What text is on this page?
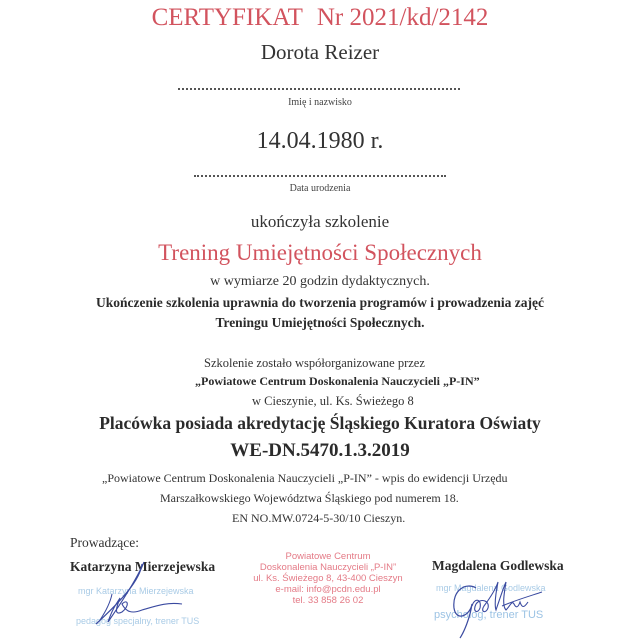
CERTYFIKAT Nr 2021/kd/2142
Dorota Reizer
Imię i nazwisko
14.04.1980 r.
Data urodzenia
ukończyła szkolenie
Trening Umiejętności Społecznych
w wymiarze 20 godzin dydaktycznych.
Ukończenie szkolenia uprawnia do tworzenia programów i prowadzenia zajęć
Treningu Umiejętności Społecznych.
Szkolenie zostało współorganizowane przez
„Powiatowe Centrum Doskonalenia Nauczycieli „P-IN”
w Cieszynie, ul. Ks. Świeżego 8
Placówka posiada akredytację Śląskiego Kuratora Oświaty
WE-DN.5470.1.3.2019
„Powiatowe Centrum Doskonalenia Nauczycieli „P-IN” - wpis do ewidencji Urzędu
Marszałkowskiego Województwa Śląskiego pod numerem 18.
EN NO.MW.0724-5-30/10 Cieszyn.
Prowadzące:
Katarzyna Mierzejewska
mgr Katarzyna Mierzejewska
pedagog specjalny, trener TUS
Powiatowe Centrum
Doskonalenia Nauczycieli „P-IN”
ul. Ks. Świeżego 8, 43-400 Cieszyn
e-mail: info@pcdn.edu.pl
tel. 33 858 26 02
Magdalena Godlewska
mgr Magdalena Godlewska
psycholog, trener TUS
